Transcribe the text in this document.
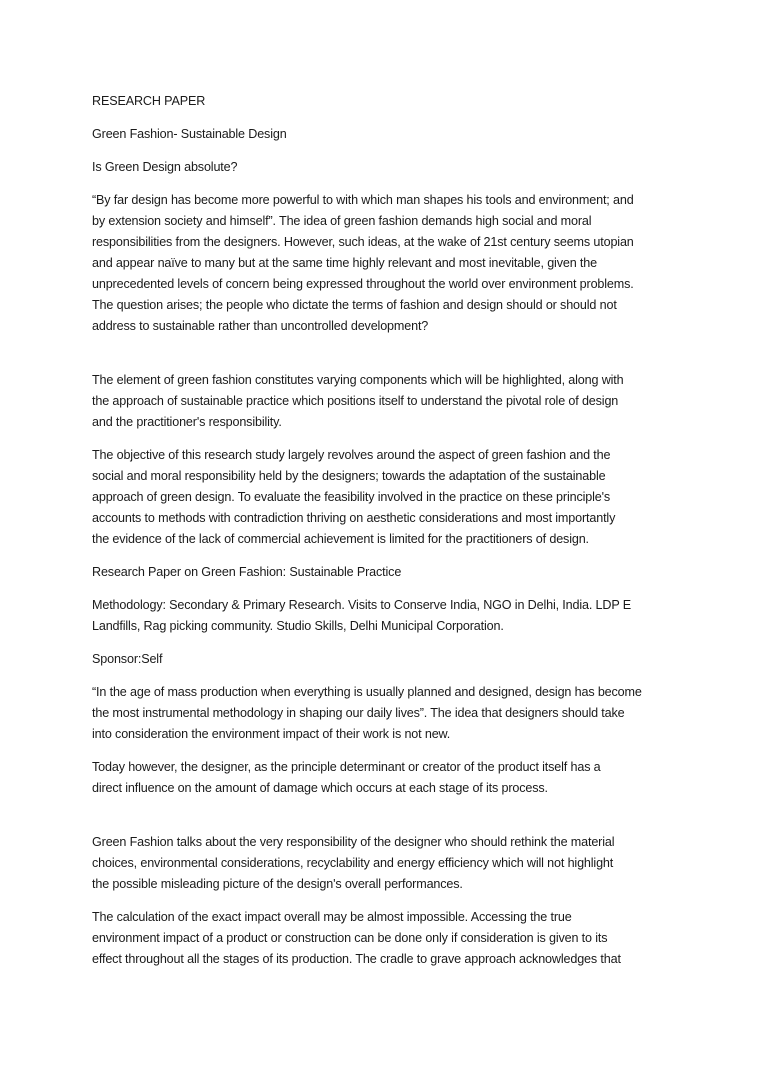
RESEARCH PAPER

Green Fashion- Sustainable Design

Is Green Design absolute?

“By far design has become more powerful to with which man shapes his tools and environment; and
by extension society and himself”. The idea of green fashion demands high social and moral
responsibilities from the designers. However, such ideas, at the wake of 21st century seems utopian
and appear naïve to many but at the same time highly relevant and most inevitable, given the
unprecedented levels of concern being expressed throughout the world over environment problems.
The question arises; the people who dictate the terms of fashion and design should or should not
address to sustainable rather than uncontrolled development?

The element of green fashion constitutes varying components which will be highlighted, along with
the approach of sustainable practice which positions itself to understand the pivotal role of design
and the practitioner's responsibility.

The objective of this research study largely revolves around the aspect of green fashion and the
social and moral responsibility held by the designers; towards the adaptation of the sustainable
approach of green design. To evaluate the feasibility involved in the practice on these principle's
accounts to methods with contradiction thriving on aesthetic considerations and most importantly
the evidence of the lack of commercial achievement is limited for the practitioners of design.

Research Paper on Green Fashion: Sustainable Practice

Methodology: Secondary & Primary Research. Visits to Conserve India, NGO in Delhi, India. LDP E
Landfills, Rag picking community. Studio Skills, Delhi Municipal Corporation.

Sponsor:Self

“In the age of mass production when everything is usually planned and designed, design has become
the most instrumental methodology in shaping our daily lives”. The idea that designers should take
into consideration the environment impact of their work is not new.

Today however, the designer, as the principle determinant or creator of the product itself has a
direct influence on the amount of damage which occurs at each stage of its process.

Green Fashion talks about the very responsibility of the designer who should rethink the material
choices, environmental considerations, recyclability and energy efficiency which will not highlight
the possible misleading picture of the design's overall performances.

The calculation of the exact impact overall may be almost impossible. Accessing the true
environment impact of a product or construction can be done only if consideration is given to its
effect throughout all the stages of its production. The cradle to grave approach acknowledges that
